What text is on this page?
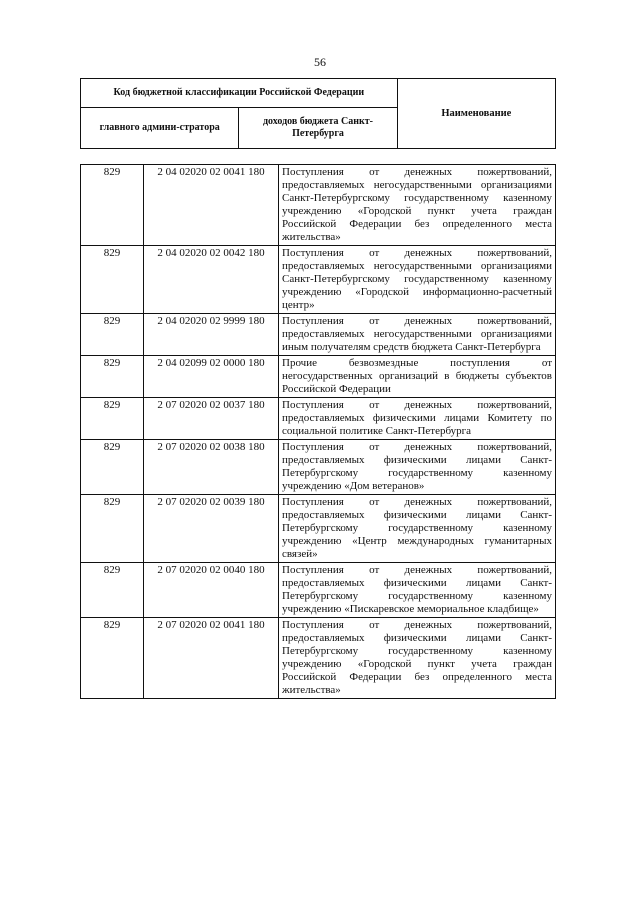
56
Код бюджетной классификации Российской Федерации		Наименование
главного админи-стратора	доходов бюджета Санкт-Петербурга	
829	2 04 02020 02 0041 180	Поступления от денежных пожертвований, предоставляемых негосударственными организациями Санкт-Петербургскому государственному казенному учреждению «Городской пункт учета граждан Российской Федерации без определенного места жительства»
829	2 04 02020 02 0042 180	Поступления от денежных пожертвований, предоставляемых негосударственными организациями Санкт-Петербургскому государственному казенному учреждению «Городской информационно-расчетный центр»
829	2 04 02020 02 9999 180	Поступления от денежных пожертвований, предоставляемых негосударственными организациями иным получателям средств бюджета Санкт-Петербурга
829	2 04 02099 02 0000 180	Прочие безвозмездные поступления от негосударственных организаций в бюджеты субъектов Российской Федерации
829	2 07 02020 02 0037 180	Поступления от денежных пожертвований, предоставляемых физическими лицами Комитету по социальной политике Санкт-Петербурга
829	2 07 02020 02 0038 180	Поступления от денежных пожертвований, предоставляемых физическими лицами Санкт-Петербургскому государственному казенному учреждению «Дом ветеранов»
829	2 07 02020 02 0039 180	Поступления от денежных пожертвований, предоставляемых физическими лицами Санкт-Петербургскому государственному казенному учреждению «Центр международных гуманитарных связей»
829	2 07 02020 02 0040 180	Поступления от денежных пожертвований, предоставляемых физическими лицами Санкт-Петербургскому государственному казенному учреждению «Пискаревское мемориальное кладбище»
829	2 07 02020 02 0041 180	Поступления от денежных пожертвований, предоставляемых физическими лицами Санкт-Петербургскому государственному казенному учреждению «Городской пункт учета граждан Российской Федерации без определенного места жительства»
